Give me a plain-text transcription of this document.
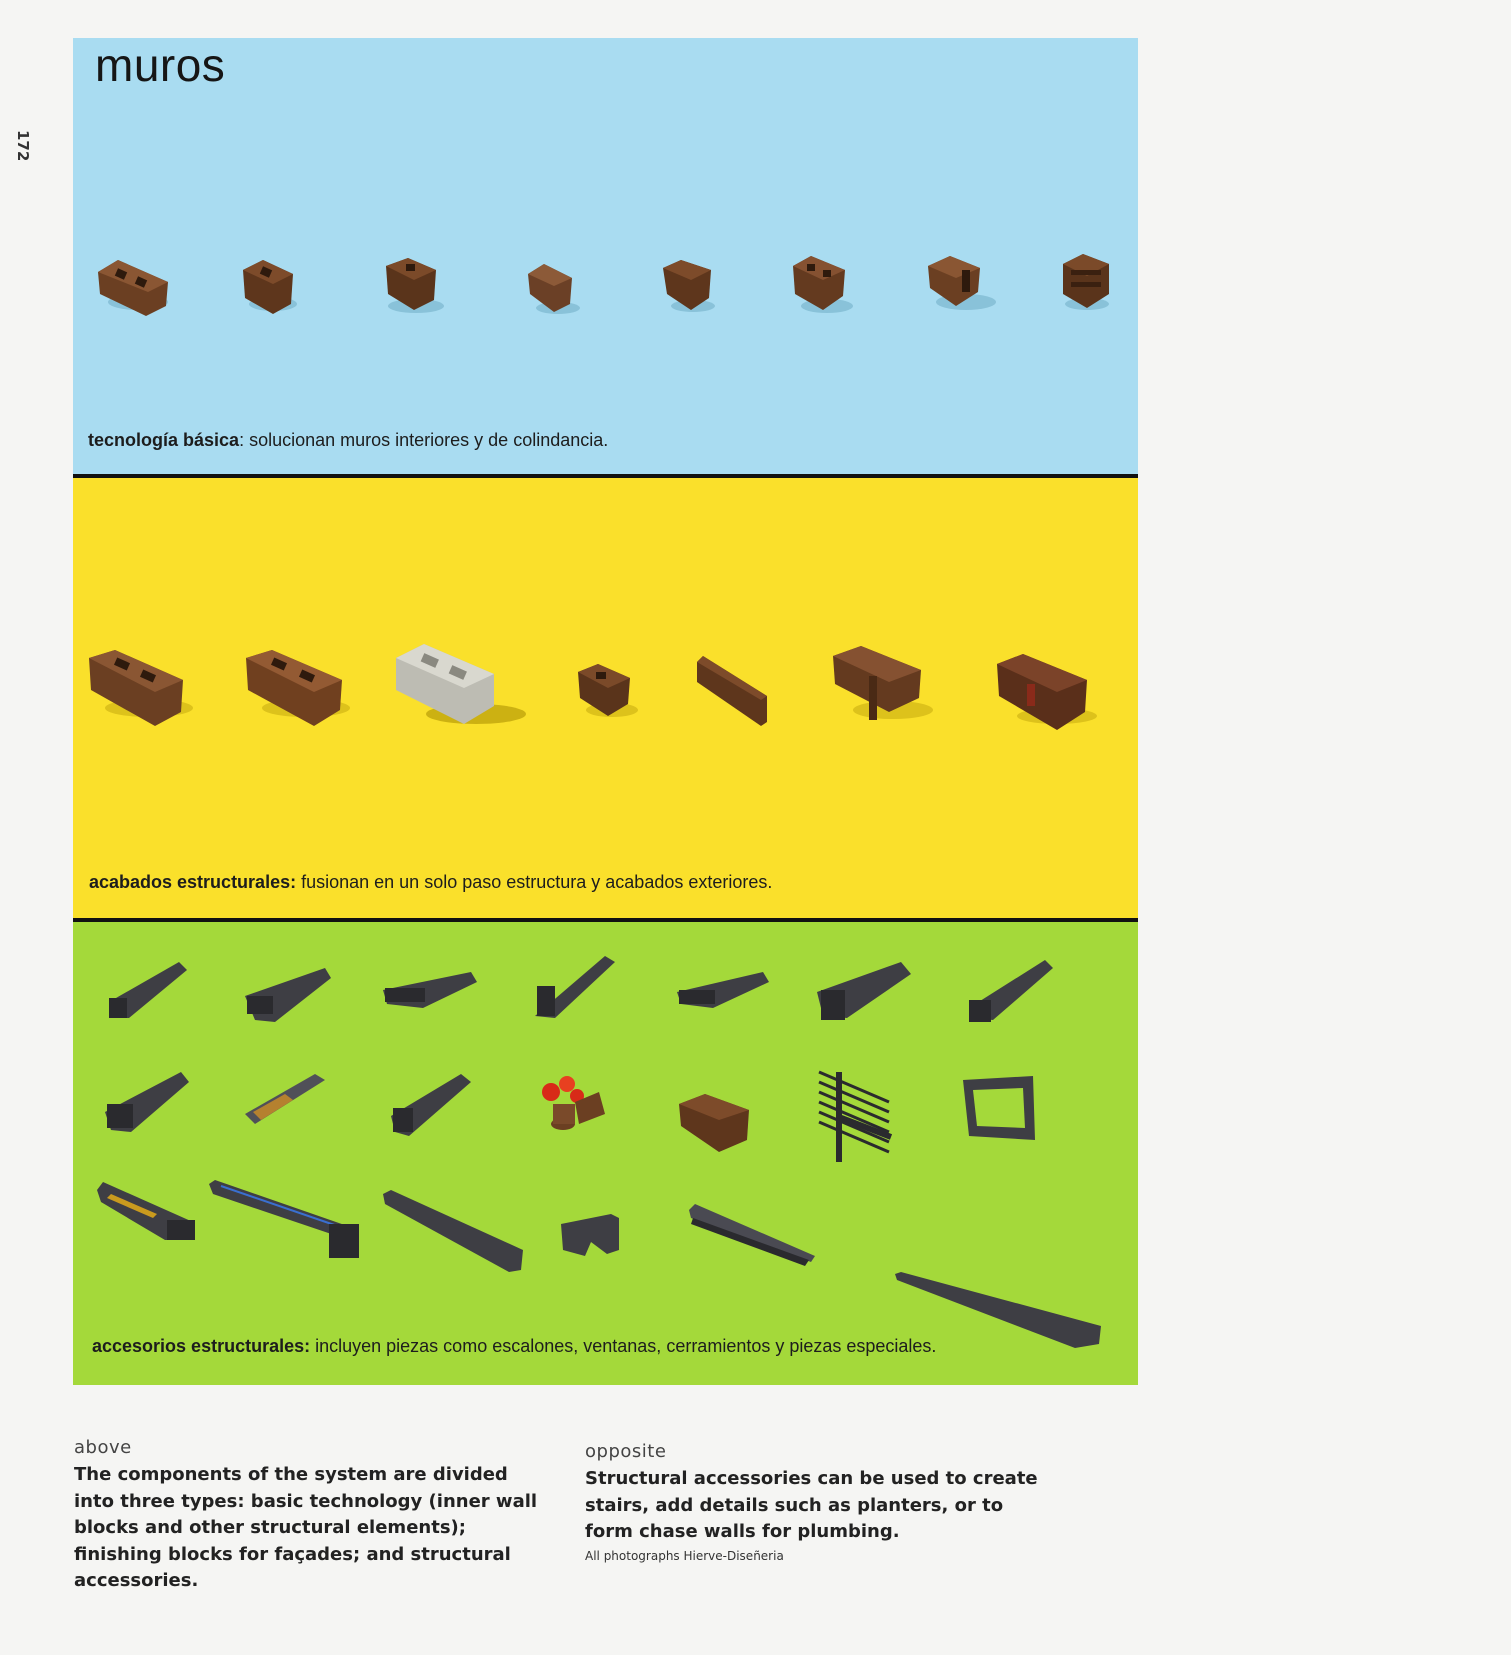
172
muros
tecnología básica: solucionan muros interiores y de colindancia.
acabados estructurales: fusionan en un solo paso estructura y acabados exteriores.
accesorios estructurales: incluyen piezas como escalones, ventanas, cerramientos y piezas especiales.
above
The components of the system are divided into three types: basic technology (inner wall blocks and other structural elements); finishing blocks for façades; and structural accessories.
opposite
Structural accessories can be used to create stairs, add details such as planters, or to form chase walls for plumbing.
All photographs Hierve-Diseñeria
